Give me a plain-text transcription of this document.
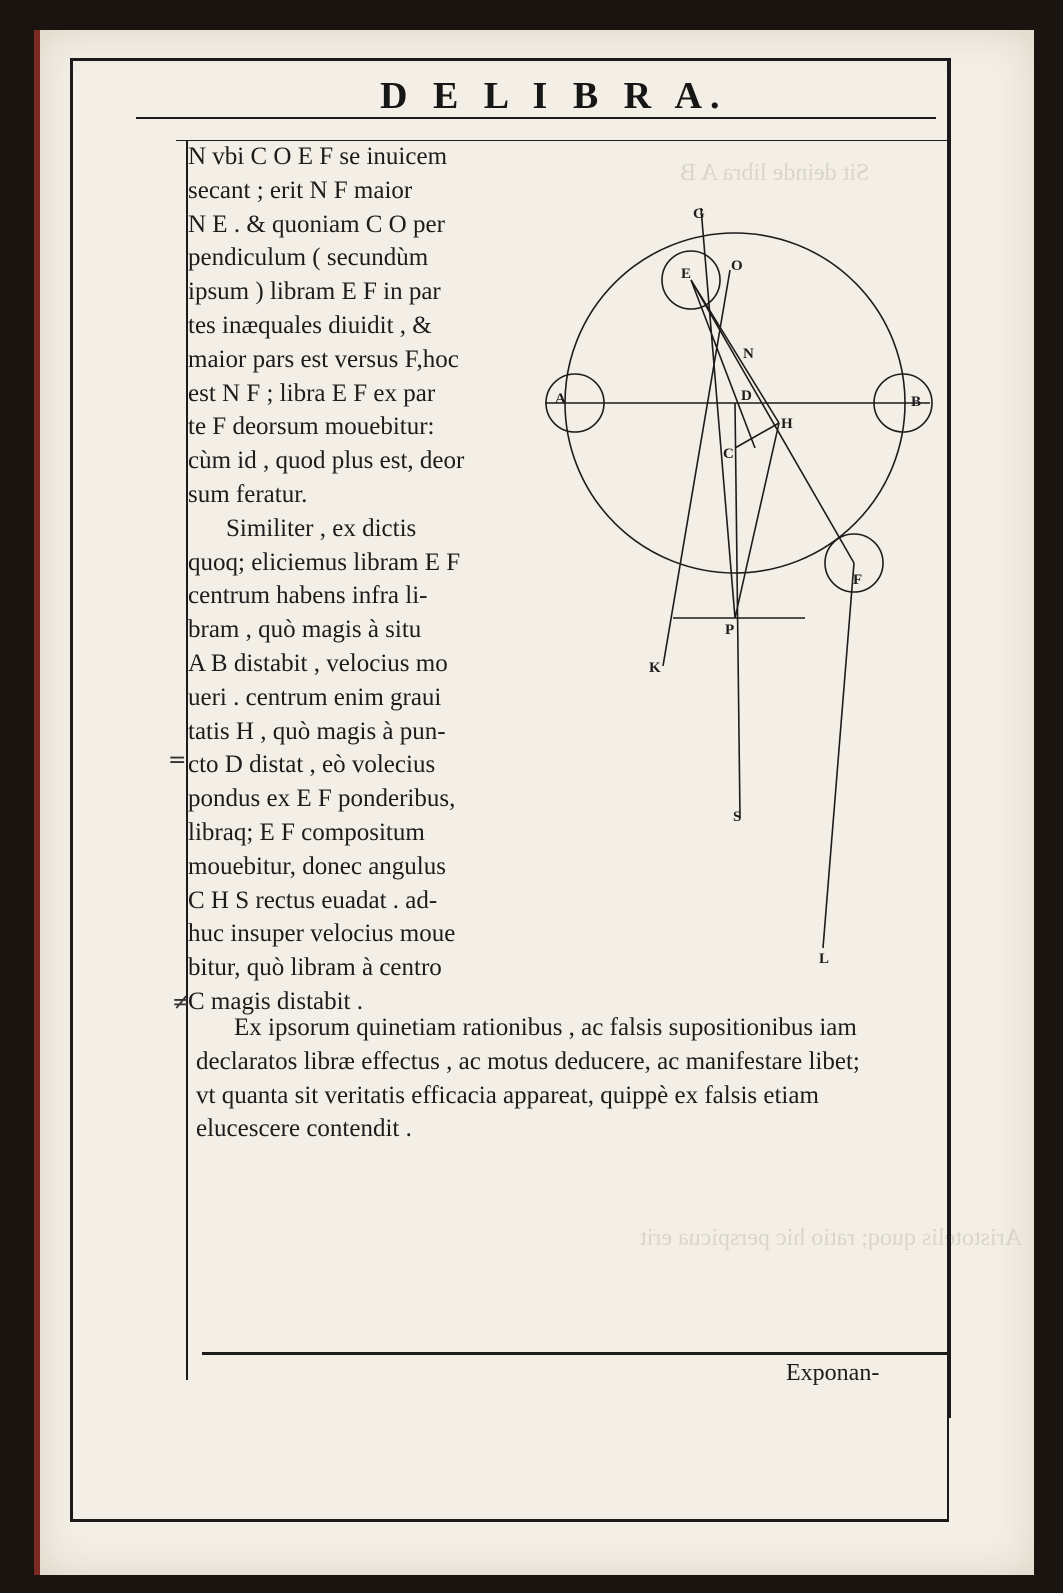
Sit deinde libra A B
Aristotelis quoq; ratio hic perspicua erit
D E L I B R A.
N vbi C O E F se inuicem
secant ; erit N F maior
N E . & quoniam C O per
pendiculum ( secundùm
ipsum ) libram E F in par
tes inæquales diuidit , &
maior pars est versus F,hoc
est N F ; libra E F ex par
te F deorsum mouebitur:
cùm id , quod plus est, deor
sum feratur.
Similiter , ex dictis
quoq; eliciemus libram E F
centrum habens infra li-
bram , quò magis à situ
A B distabit , velocius mo
ueri . centrum enim graui
tatis H , quò magis à pun-
cto D distat , eò volecius
pondus ex E F ponderibus,
libraq; E F compositum
mouebitur, donec angulus
C H S rectus euadat . ad-
huc insuper velocius moue
bitur, quò libram à centro
C magis distabit .
Ex ipsorum quinetiam rationibus , ac falsis supositionibus iam
declaratos libræ effectus , ac motus deducere, ac manifestare libet;
vt quanta sit veritatis efficacia appareat, quippè ex falsis etiam
elucescere contendit .
Exponan-
=
≠
G
E	O
N
A	D	B
H
C
F
P
K
S
L
